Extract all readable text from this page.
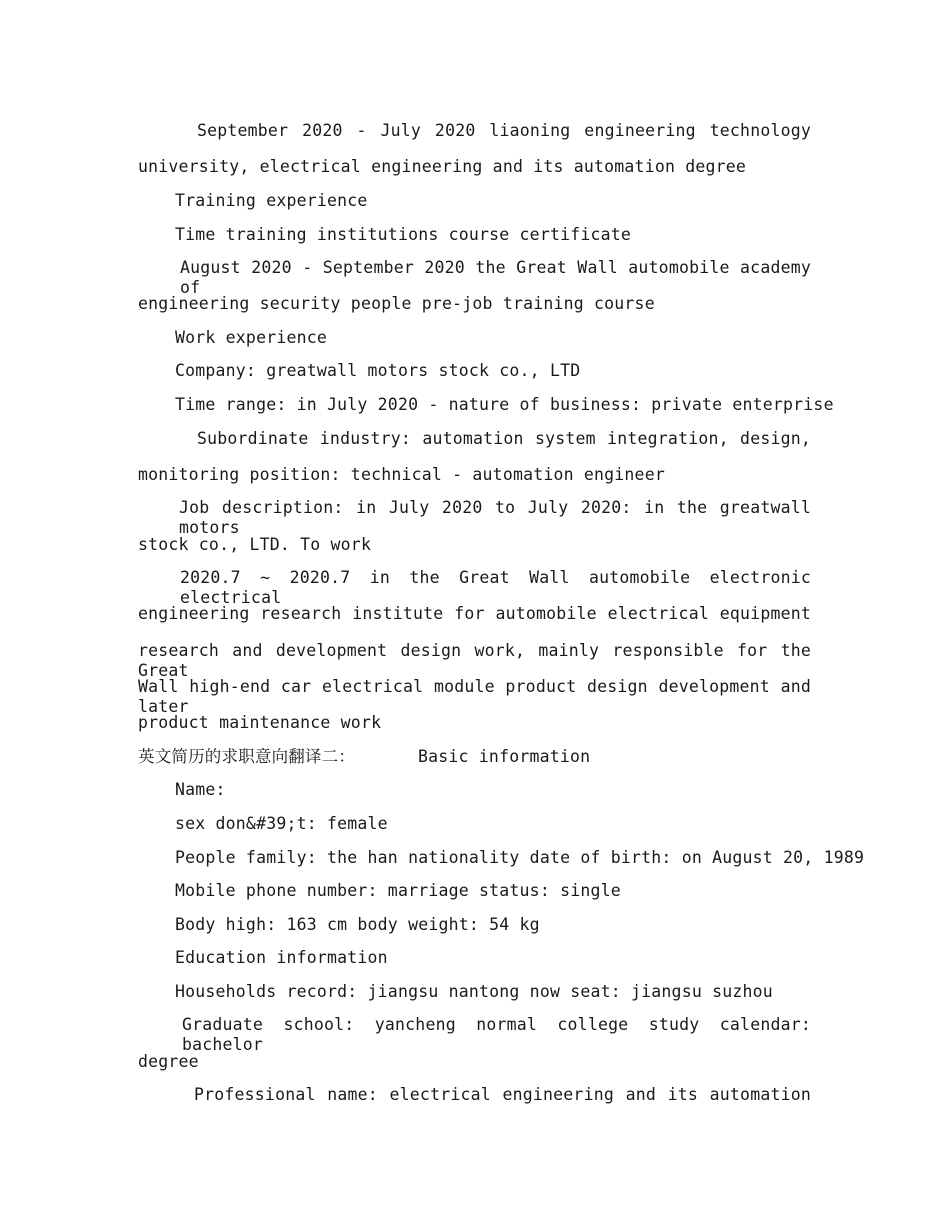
September 2020 - July 2020 liaoning engineering technology
university, electrical engineering and its automation degree
Training experience
Time training institutions course certificate
August 2020 - September 2020 the Great Wall automobile academy of
engineering security people pre-job training course
Work experience
Company: greatwall motors stock co., LTD
Time range: in July 2020 - nature of business: private enterprise
Subordinate industry: automation system integration, design,
monitoring position: technical - automation engineer
Job description: in July 2020 to July 2020: in the greatwall motors
stock co., LTD. To work
2020.7 ~ 2020.7 in the Great Wall automobile electronic electrical
engineering research institute for automobile electrical equipment
research and development design work, mainly responsible for the Great
Wall high-end car electrical module product design development and later
product maintenance work
英文简历的求职意向翻译二：	Basic information
Name:
sex don&#39;t: female
People family: the han nationality date of birth: on August 20, 1989
Mobile phone number: marriage status: single
Body high: 163 cm body weight: 54 kg
Education information
Households record: jiangsu nantong now seat: jiangsu suzhou
Graduate school: yancheng normal college study calendar: bachelor
degree
Professional name: electrical engineering and its automation
